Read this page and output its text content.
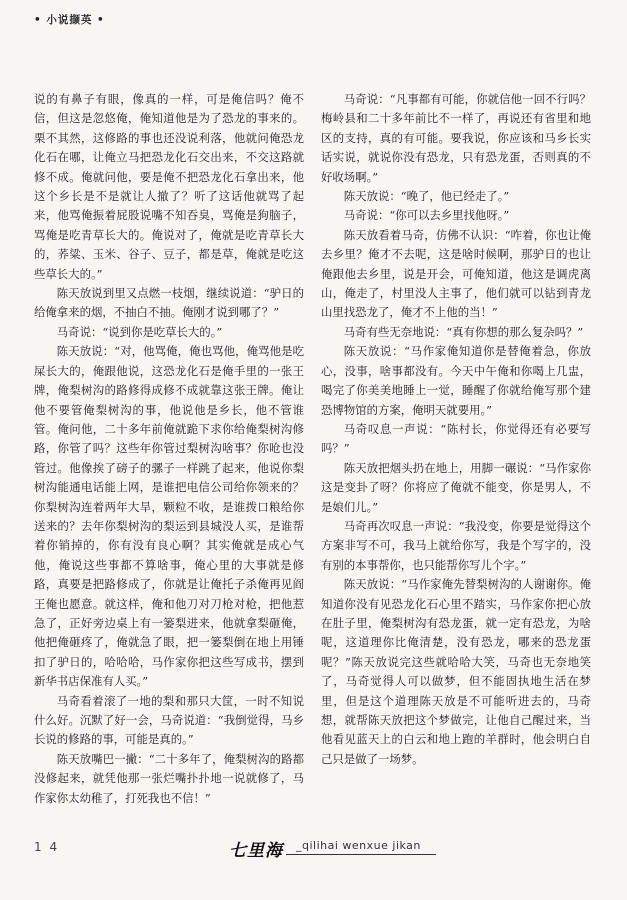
• 小说撷英 •

说的有鼻子有眼，像真的一样，可是俺信吗？俺不信，但这是忽悠俺，俺知道他是为了恐龙的事来的。栗不其然，这修路的事也还没说利落，他就问俺恐龙化石在哪，让俺立马把恐龙化石交出来，不交这路就修不成。俺就问他，要是俺不把恐龙化石拿出来，他这个乡长是不是就让人撤了？听了这话他就骂了起来，他骂俺振着屁股说嘴不知吞臭，骂俺是狗脑子，骂俺是吃青草长大的。俺说对了，俺就是吃青草长大的，荞粱、玉米、谷子、豆子，都是草，俺就是吃这些草长大的。”

陈天放说到里又点燃一枝烟，继续说道：“驴日的给俺拿来的烟，不抽白不抽。俺刚才说到哪了？”

马奇说：“说到你是吃草长大的。”

陈天放说：“对，他骂俺，俺也骂他，俺骂他是吃屎长大的，俺跟他说，这恐龙化石是俺手里的一张王牌，俺梨树沟的路修得成修不成就靠这张王牌。俺让他不要管俺梨树沟的事，他说他是乡长，他不管谁管。俺问他，二十多年前俺就跪下求你给俺梨树沟修路，你管了吗？这些年你管过梨树沟啥事？你呛也没管过。他像挨了磅子的骡子一样跳了起来，他说你梨树沟能通电话能上网，是谁把电信公司给你领来的？你梨树沟连着两年大旱，颗粒不收，是谁拨口粮给你送来的？去年你梨树沟的梨运到县城没人买，是谁帮着你销掉的，你有没有良心啊？其实俺就是成心气他，俺说这些事都不算啥事，俺心里的大事就是修路，真要是把路修成了，你就是让俺托子杀俺再见阎王俺也愿意。就这样，俺和他刀对刀枪对枪，把他惹急了，正好旁边桌上有一篓梨进来，他就拿梨砸俺，他把俺砸疼了，俺就急了眼，把一篓梨倒在地上用锤扣了驴日的，哈哈哈，马作家你把这些写成书，摆到新华书店保准有人买。”

马奇看着滚了一地的梨和那只大筐，一时不知说什么好。沉默了好一会，马奇说道：“我倒觉得，马乡长说的修路的事，可能是真的。”

陈天放嘴巴一撇：“二十多年了，俺梨树沟的路都没修起来，就凭他那一张烂嘴扑扑地一说就修了，马作家你太幼稚了，打死我也不信！”

马奇说：“凡事都有可能，你就信他一回不行吗？梅岭县和二十多年前比不一样了，再说还有省里和地区的支持，真的有可能。要我说，你应该和马乡长实话实说，就说你没有恐龙，只有恐龙蛋，否则真的不好收场啊。”

陈天放说：“晚了，他已经走了。”

马奇说：“你可以去乡里找他呀。”

陈天放看着马奇，仿佛不认识：“咋着，你也让俺去乡里？俺才不去呢，这是啥时候啊，那驴日的也让俺跟他去乡里，说是开会，可俺知道，他这是调虎离山，俺走了，村里没人主事了，他们就可以钻到青龙山里找恐龙了，俺才不上他的当！”

马奇有些无奈地说：“真有你想的那么复杂吗？”

陈天放说：“马作家俺知道你是替俺着急，你放心，没事，啥事都没有。今天中午俺和你喝上几盅，喝完了你美美地睡上一觉，睡醒了你就给俺写那个建恐博物馆的方案，俺明天就要用。”

马奇叹息一声说：“陈村长，你觉得还有必要写吗？”

陈天放把烟头扔在地上，用脚一碾说：“马作家你这是变卦了呀？你将应了俺就不能变，你是男人，不是娘们儿。”

马奇再次叹息一声说：“我没变，你要是觉得这个方案非写不可，我马上就给你写，我是个写字的，没有别的本事帮你，也只能帮你写儿个字。”

陈天放说：“马作家俺先替梨树沟的人谢谢你。俺知道你没有见恐龙化石心里不踏实，马作家你把心放在肚子里，俺梨树沟有恐龙蛋，就一定有恐龙，为啥呢，这道理你比俺清楚，没有恐龙，哪来的恐龙蛋呢？”陈天放说完这些就哈哈大笑，马奇也无奈地笑了，马奇觉得人可以做梦，但不能固执地生活在梦里，但是这个道理陈天放是不可能听进去的，马奇想，就帮陈天放把这个梦做完，让他自己醒过来，当他看见蓝天上的白云和地上跑的羊群时，他会明白自己只是做了一场梦。

1 4	七里海 _qilihai wenxue jikan
